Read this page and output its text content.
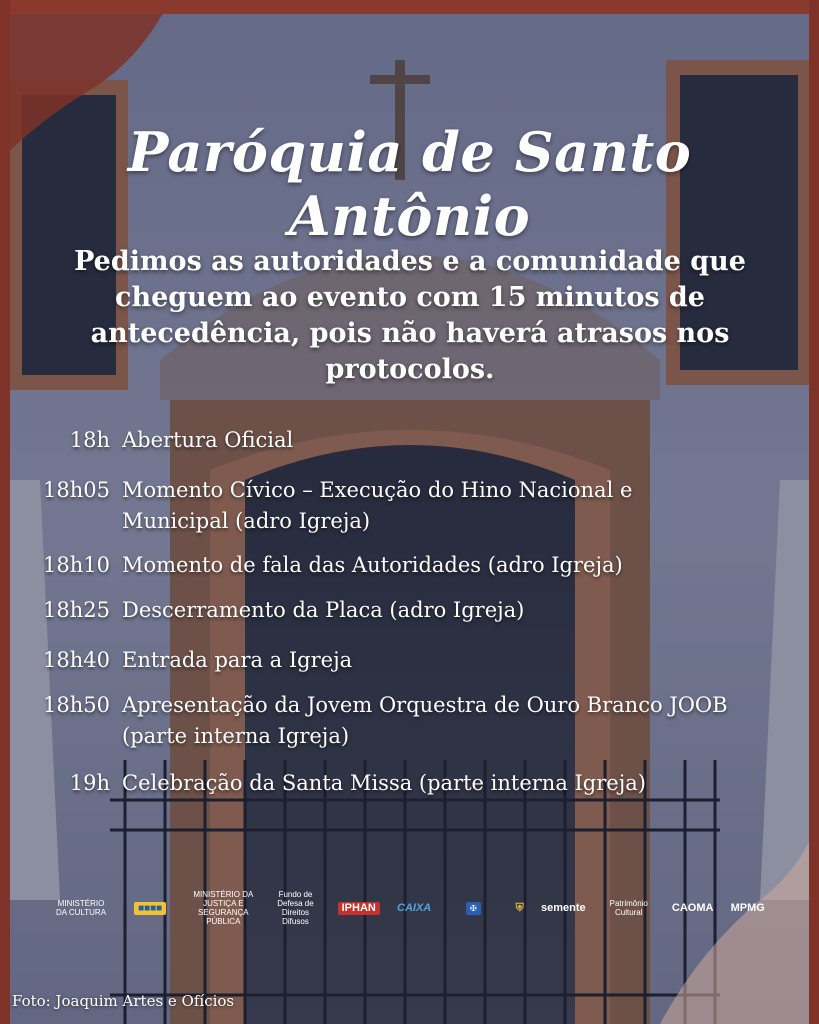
Paróquia de Santo Antônio

Pedimos as autoridades e a comunidade que cheguem ao evento com 15 minutos de antecedência, pois não haverá atrasos nos protocolos.

18h Abertura Oficial
18h05 Momento Cívico – Execução do Hino Nacional e Municipal (adro Igreja)
18h10 Momento de fala das Autoridades (adro Igreja)
18h25 Descerramento da Placa (adro Igreja)
18h40 Entrada para a Igreja
18h50 Apresentação da Jovem Orquestra de Ouro Branco JOOB (parte interna Igreja)
19h Celebração da Santa Missa (parte interna Igreja)
MINISTÉRIO DA CULTURA	■■■■
MINISTÉRIO DA JUSTIÇA E SEGURANÇA PÚBLICA
Fundo de Defesa de Direitos Difusos
IPHAN	CAIXA	✠	⛨ semente	Patrimônio Cultural	CAOMA MPMG
Foto: Joaquim Artes e Ofícios
